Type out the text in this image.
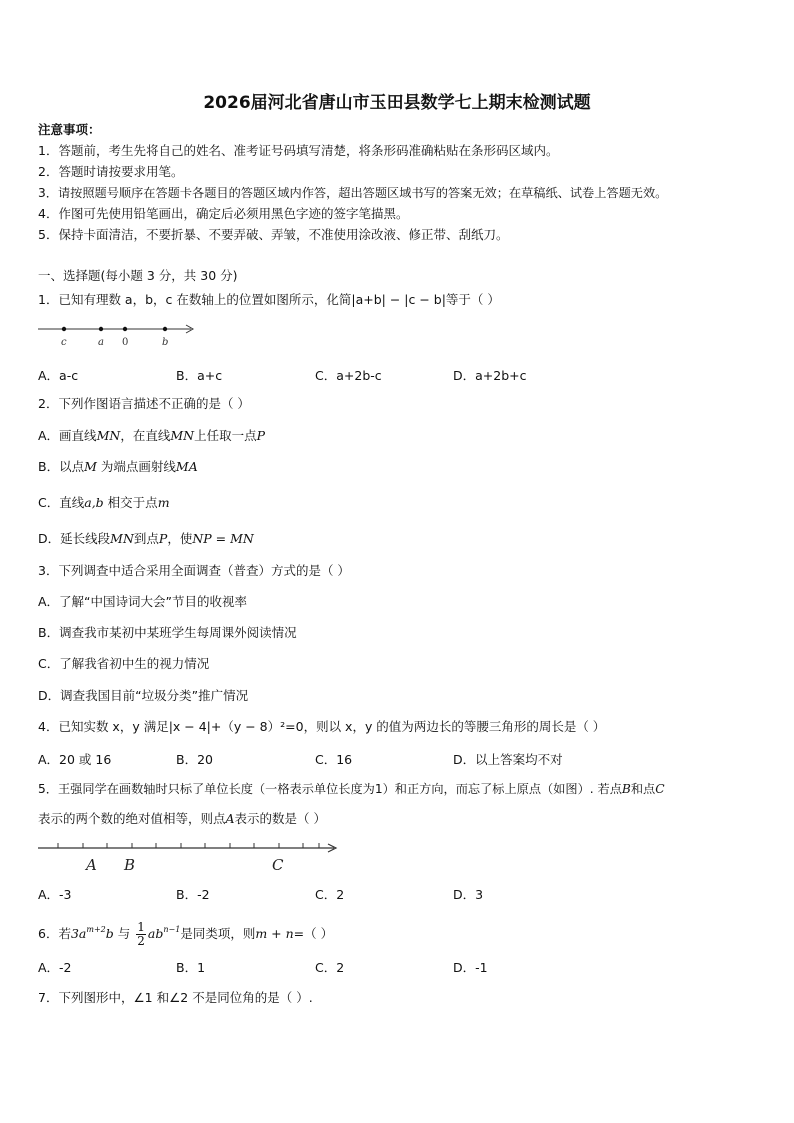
2026届河北省唐山市玉田县数学七上期末检测试题
注意事项：
1．答题前，考生先将自己的姓名、准考证号码填写清楚，将条形码准确粘贴在条形码区域内。
2．答题时请按要求用笔。
3．请按照题号顺序在答题卡各题目的答题区域内作答，超出答题区域书写的答案无效；在草稿纸、试卷上答题无效。
4．作图可先使用铅笔画出，确定后必须用黑色字迹的签字笔描黑。
5．保持卡面清洁，不要折暴、不要弄破、弄皱，不准使用涂改液、修正带、刮纸刀。
一、选择题(每小题 3 分，共 30 分)
1．已知有理数 a，b，c 在数轴上的位置如图所示，化简|a+b| − |c − b|等于（ ）
c	a 0	b
A．a-c	B．a+c	C．a+2b-c	D．a+2b+c
2．下列作图语言描述不正确的是（ ）
A．画直线MN，在直线MN上任取一点P
B．以点M 为端点画射线MA
C．直线a,b 相交于点m
D．延长线段MN到点P，使NP = MN
3．下列调查中适合采用全面调查（普查）方式的是（ ）
A．了解“中国诗词大会”节目的收视率
B．调查我市某初中某班学生每周课外阅读情况
C．了解我省初中生的视力情况
D．调查我国目前“垃圾分类”推广情况
4．已知实数 x，y 满足|x − 4|+（y − 8）²=0，则以 x，y 的值为两边长的等腰三角形的周长是（ ）
A．20 或 16	B．20	C．16	D．以上答案均不对
5．王强同学在画数轴时只标了单位长度（一格表示单位长度为1）和正方向，而忘了标上原点（如图）. 若点B和点C
表示的两个数的绝对值相等，则点A表示的数是（ ）
A B	C
A．-3	B．-2	C．2	D．3
6．若$3a^{m+2}b$ 与 $\frac{1}{2} ab^{n-1}$是同类项，则m + n=（ ）
A．-2	B．1	C．2	D．-1
7．下列图形中，∠1 和∠2 不是同位角的是（ ）.
